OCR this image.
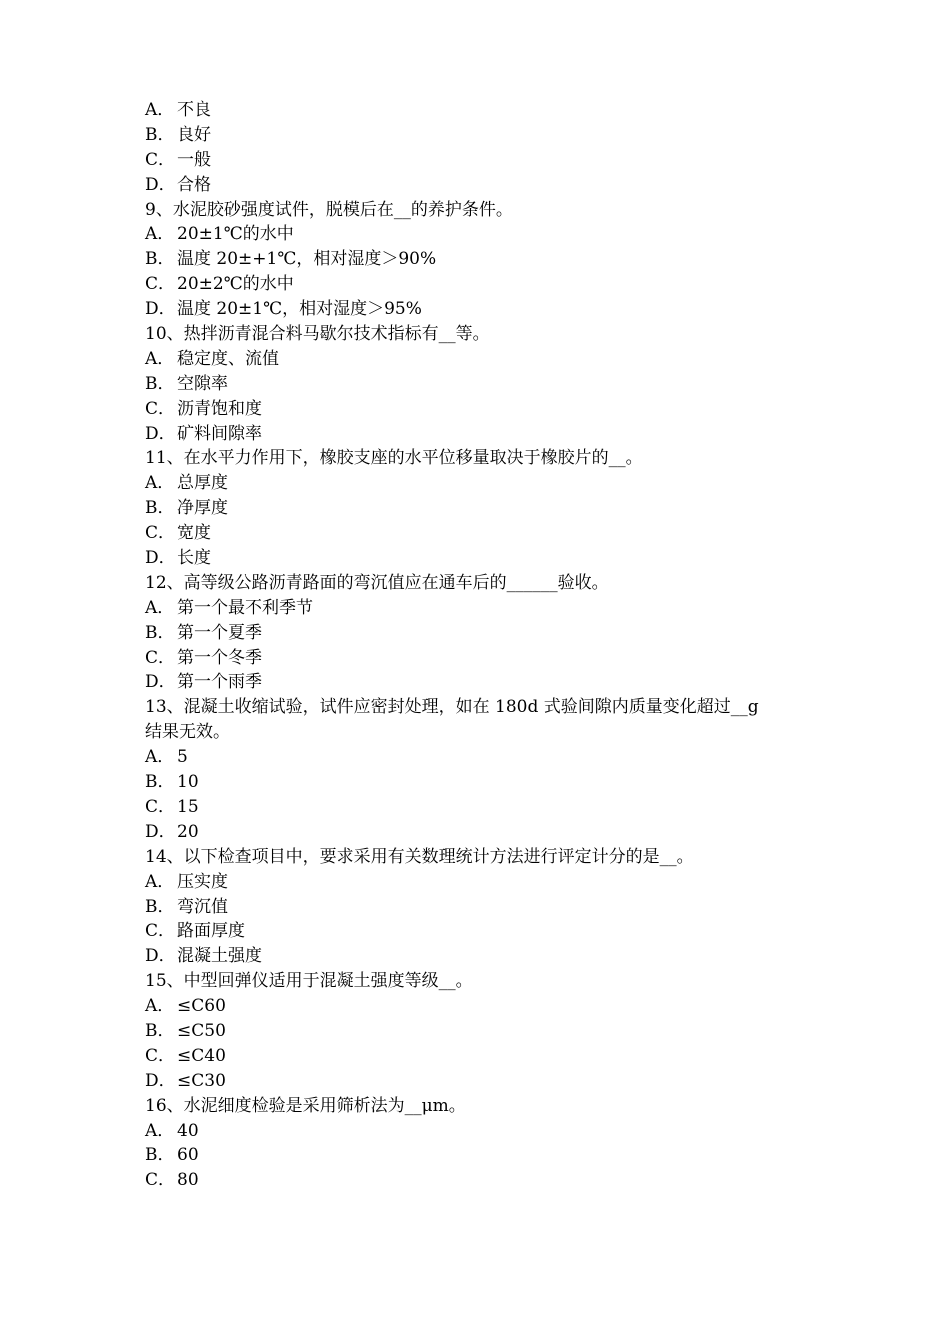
A． 不良
B． 良好
C． 一般
D．合格
9、水泥胶砂强度试件，脱模后在__的养护条件。
A． 20±1℃的水中
B． 温度 20±+1℃，相对湿度＞90%
C． 20±2℃的水中
D．温度 20±1℃，相对湿度＞95%
10、热拌沥青混合料马歇尔技术指标有__等。
A． 稳定度、流值
B． 空隙率
C． 沥青饱和度
D．矿料间隙率
11、在水平力作用下，橡胶支座的水平位移量取决于橡胶片的__。
A． 总厚度
B． 净厚度
C． 宽度
D．长度
12、高等级公路沥青路面的弯沉值应在通车后的______验收。
A． 第一个最不利季节
B． 第一个夏季
C． 第一个冬季
D．第一个雨季
13、混凝土收缩试验，试件应密封处理，如在 180d 式验间隙内质量变化超过__g
结果无效。
A． 5
B． 10
C． 15
D．20
14、以下检查项目中，要求采用有关数理统计方法进行评定计分的是__。
A． 压实度
B． 弯沉值
C． 路面厚度
D．混凝土强度
15、中型回弹仪适用于混凝土强度等级__。
A． ≤C60
B． ≤C50
C． ≤C40
D．≤C30
16、水泥细度检验是采用筛析法为__μm。
A． 40
B． 60
C． 80
